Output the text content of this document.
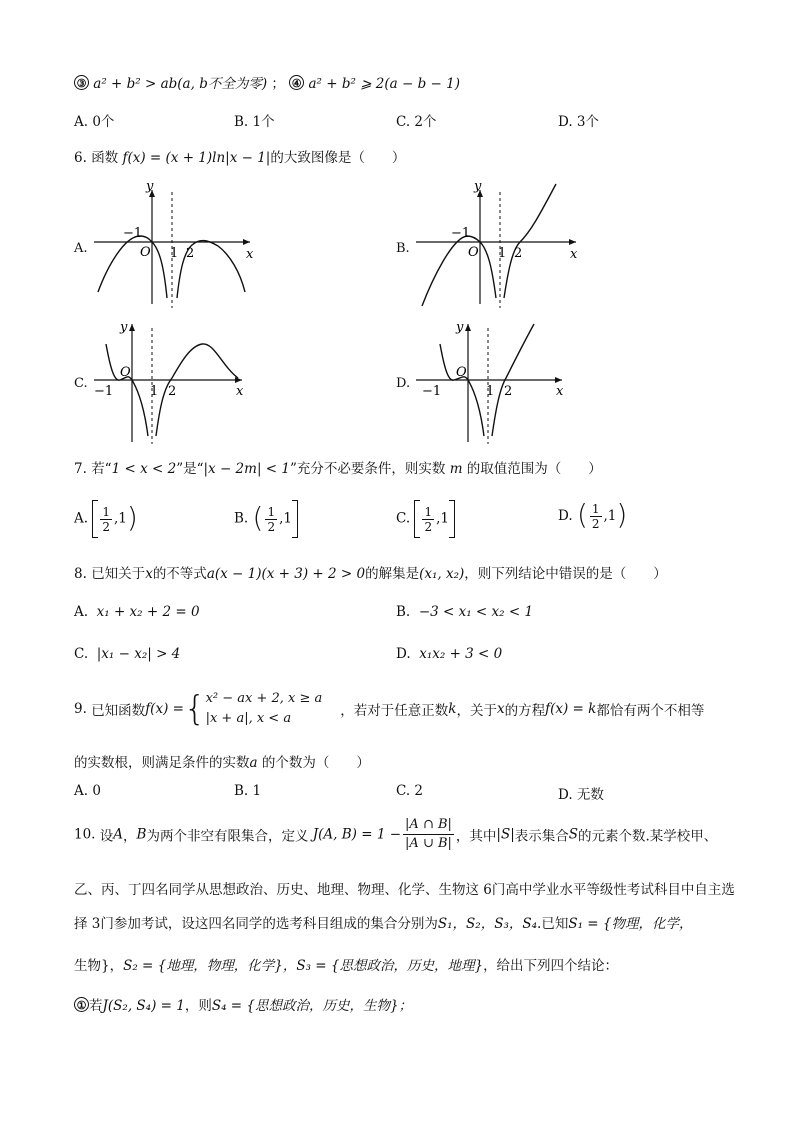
③ a² + b² > ab(a, b不全为零) ； ④ a² + b² ⩾ 2(a − b − 1)
A. 0个	B. 1个	C. 2个	D. 3个
6. 函数 f(x) = (x + 1)ln|x − 1|的大致图像是（　　）
A.
y
x
O
−1
1 2	B.
y
x
O
−1
1 2
C.
y
x
O
−1	1 2
D.
y
x
O
−1	1 2
7. 若“1 < x < 2”是“|x − 2m| < 1”充分不必要条件，则实数 m 的取值范围为（　　）
A. $\frac{1}{2} ,1$)	B. ( $\frac{1}{2} ,1$	C. $\frac{1}{2} ,1$	D. ( $\frac{1}{2} ,1$)
8. 已知关于x的不等式a(x − 1)(x + 3) + 2 > 0的解集是(x₁, x₂)，则下列结论中错误的是（　　）
A. x₁ + x₂ + 2 = 0	B. −3 < x₁ < x₂ < 1
C. |x₁ − x₂| > 4	D. x₁x₂ + 3 < 0
9. 已知函数f(x) ={ x² − ax + 2, x ≥ a
|x + a|, x < a	，若对于任意正数k，关于x的方程f(x) = k都恰有两个不相等
的实数根，则满足条件的实数a 的个数为（　　）
A. 0	B. 1	C. 2	D. 无数
10. 设A，B为两个非空有限集合，定义 J(A, $B) = 1 - \frac{|A \cap B|}{|A \cup B|}$ ，其中|S|表示集合S的元素个数.某学校甲、
乙、丙、丁四名同学从思想政治、历史、地理、物理、化学、生物这 6门高中学业水平等级性考试科目中自主选
择 3门参加考试，设这四名同学的选考科目组成的集合分别为S₁，S₂，S₃，S₄.已知S₁ = {物理，化学，
生物}，S₂ = {地理，物理，化学}，S₃ = {思想政治，历史，地理}，给出下列四个结论：
① 若J(S₂, S₄) = 1，则S₄ = {思想政治，历史，生物}；
